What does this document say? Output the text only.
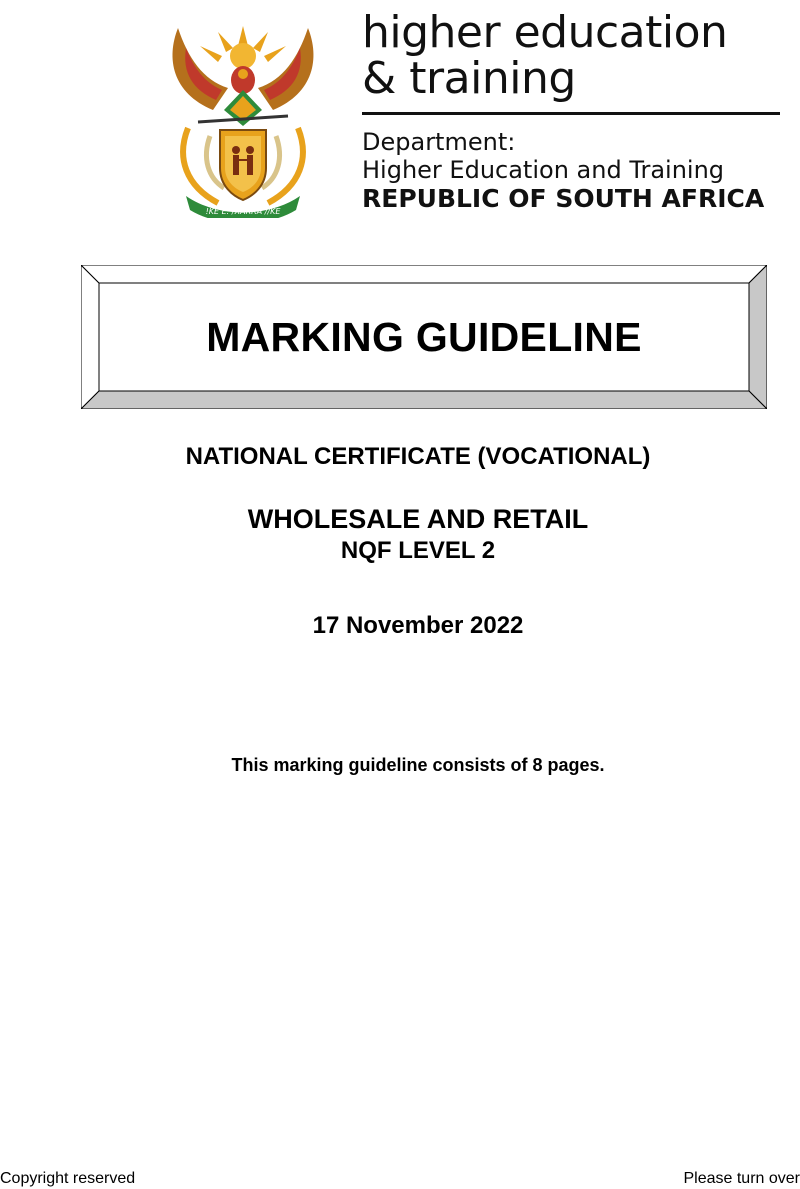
!KE E: /XARRA //KE
higher education
& training
Department:
Higher Education and Training
REPUBLIC OF SOUTH AFRICA
MARKING GUIDELINE
NATIONAL CERTIFICATE (VOCATIONAL)
WHOLESALE AND RETAIL
NQF LEVEL 2
17 November 2022
This marking guideline consists of 8 pages.
Copyright reserved	Please turn over
